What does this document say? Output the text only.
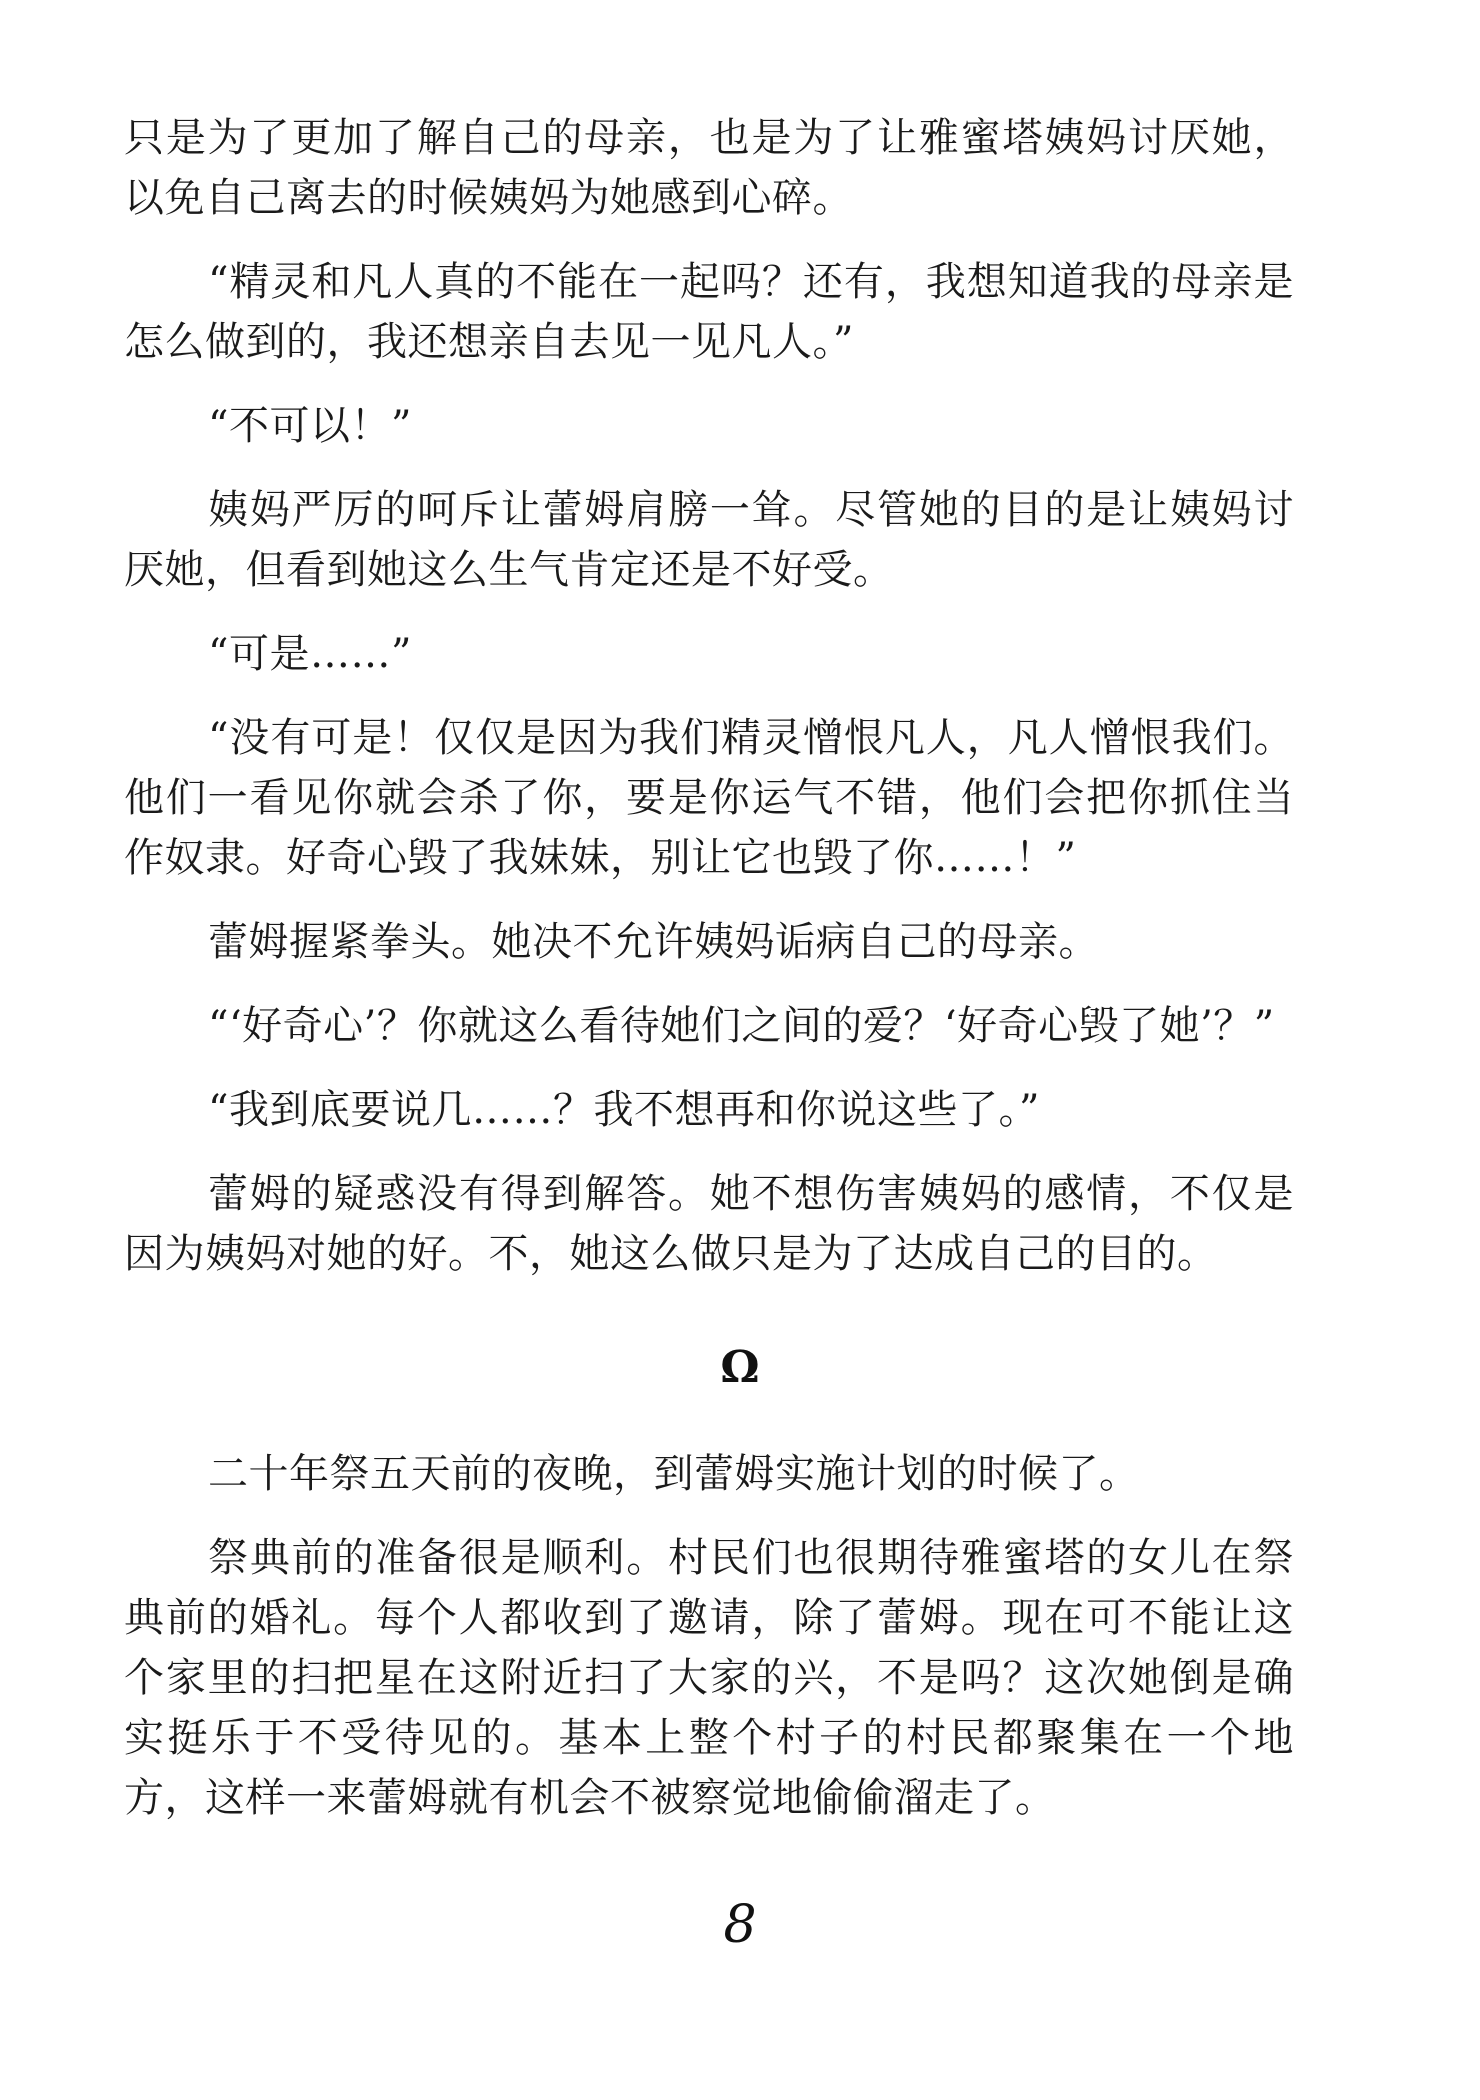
只是为了更加了解自己的母亲，也是为了让雅蜜塔姨妈讨厌她，以免自己离去的时候姨妈为她感到心碎。

“精灵和凡人真的不能在一起吗？还有，我想知道我的母亲是怎么做到的，我还想亲自去见一见凡人。”

“不可以！”

姨妈严厉的呵斥让蕾姆肩膀一耸。尽管她的目的是让姨妈讨厌她，但看到她这么生气肯定还是不好受。

“可是……”

“没有可是！仅仅是因为我们精灵憎恨凡人，凡人憎恨我们。他们一看见你就会杀了你，要是你运气不错，他们会把你抓住当作奴隶。好奇心毁了我妹妹，别让它也毁了你……！”

蕾姆握紧拳头。她决不允许姨妈诟病自己的母亲。

“‘好奇心’？你就这么看待她们之间的爱？‘好奇心毁了她’？”

“我到底要说几……？我不想再和你说这些了。”

蕾姆的疑惑没有得到解答。她不想伤害姨妈的感情，不仅是因为姨妈对她的好。不，她这么做只是为了达成自己的目的。

Ω

二十年祭五天前的夜晚，到蕾姆实施计划的时候了。

祭典前的准备很是顺利。村民们也很期待雅蜜塔的女儿在祭典前的婚礼。每个人都收到了邀请，除了蕾姆。现在可不能让这个家里的扫把星在这附近扫了大家的兴，不是吗？这次她倒是确实挺乐于不受待见的。基本上整个村子的村民都聚集在一个地方，这样一来蕾姆就有机会不被察觉地偷偷溜走了。

8
